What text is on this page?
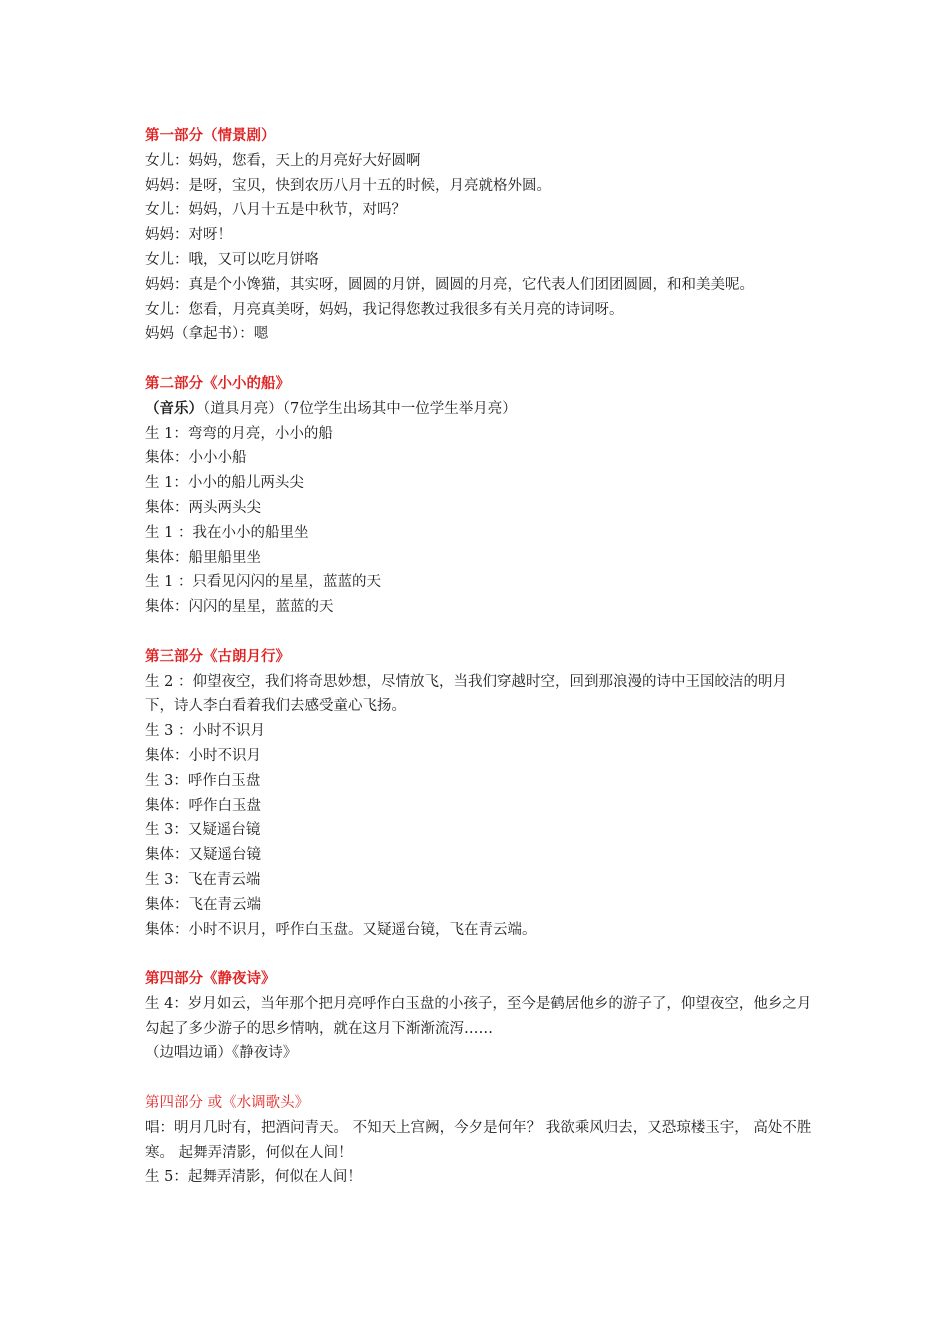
第一部分（情景剧）

女儿：妈妈，您看，天上的月亮好大好圆啊

妈妈：是呀，宝贝，快到农历八月十五的时候，月亮就格外圆。

女儿：妈妈，八月十五是中秋节，对吗？

妈妈：对呀！

女儿：哦，又可以吃月饼咯

妈妈：真是个小馋猫，其实呀，圆圆的月饼，圆圆的月亮，它代表人们团团圆圆，和和美美呢。

女儿：您看，月亮真美呀，妈妈，我记得您教过我很多有关月亮的诗词呀。

妈妈（拿起书）：嗯

第二部分《小小的船》

（音乐）（道具月亮）（7位学生出场其中一位学生举月亮）

生 1：弯弯的月亮，小小的船

集体：小小小船

生 1：小小的船儿两头尖

集体：两头两头尖

生 1 ：我在小小的船里坐

集体：船里船里坐

生 1 ：只看见闪闪的星星，蓝蓝的天

集体：闪闪的星星，蓝蓝的天

第三部分《古朗月行》

生 2 ：仰望夜空，我们将奇思妙想，尽情放飞，当我们穿越时空，回到那浪漫的诗中王国皎洁的明月下，诗人李白看着我们去感受童心飞扬。

生 3 ：小时不识月

集体：小时不识月

生 3：呼作白玉盘

集体：呼作白玉盘

生 3：又疑遥台镜

集体：又疑遥台镜

生 3：飞在青云端

集体：飞在青云端

集体：小时不识月，呼作白玉盘。又疑遥台镜，飞在青云端。

第四部分《静夜诗》

生 4：岁月如云，当年那个把月亮呼作白玉盘的小孩子，至今是鹤居他乡的游子了，仰望夜空，他乡之月勾起了多少游子的思乡情呐，就在这月下渐渐流泻……

（边唱边诵）《静夜诗》

第四部分 或《水调歌头》

唱：明月几时有，把酒问青天。 不知天上宫阙，今夕是何年？ 我欲乘风归去，又恐琼楼玉宇， 高处不胜寒。 起舞弄清影，何似在人间！

生 5：起舞弄清影，何似在人间！
